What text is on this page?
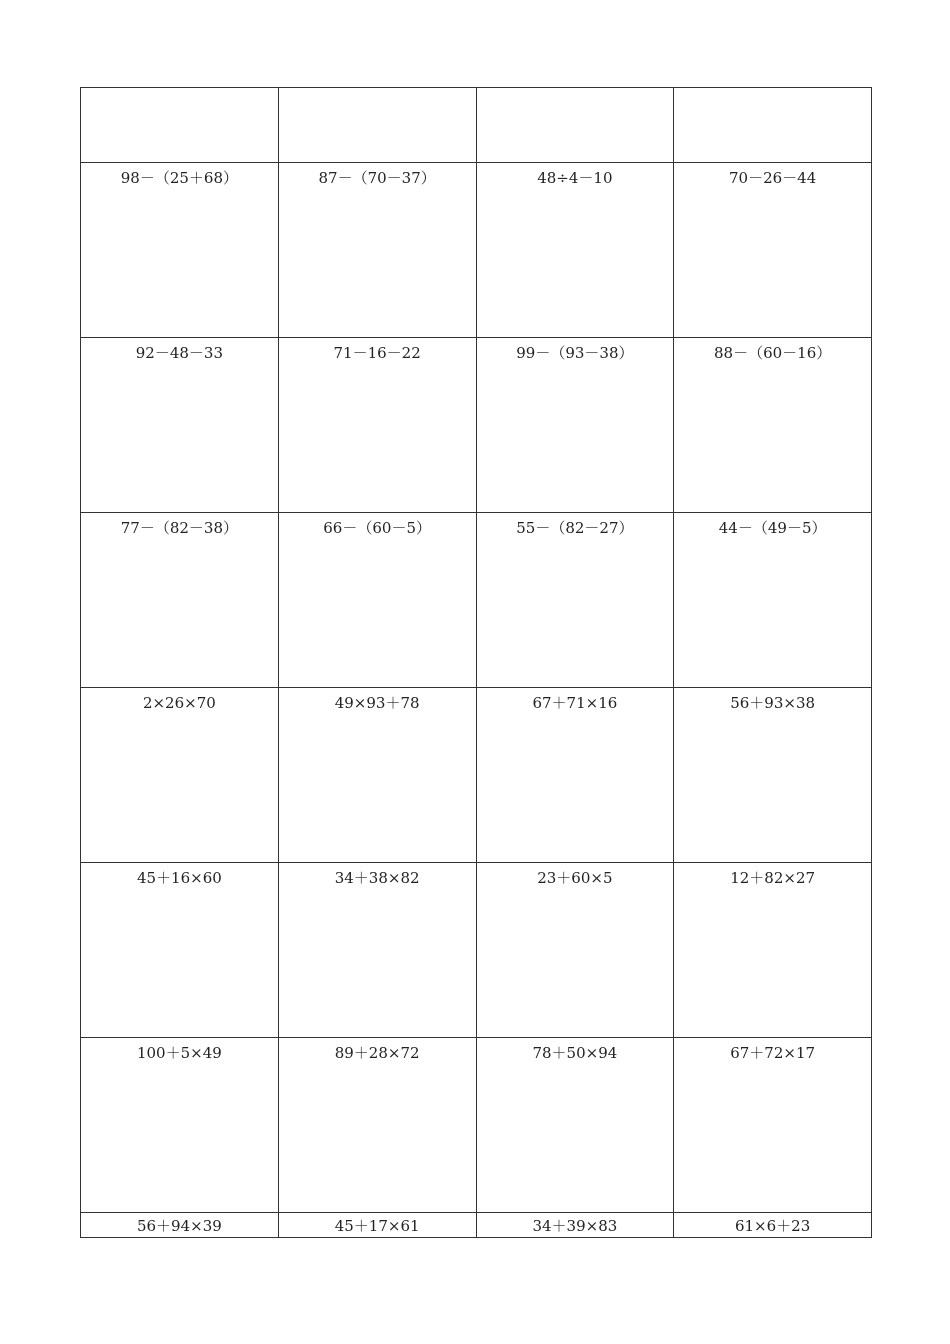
98－（25＋68）	87－（70－37）	48÷4－10	70－26－44

92－48－33	71－16－22	99－（93－38）	88－（60－16）

77－（82－38）	66－（60－5）	55－（82－27）	44－（49－5）

2×26×70	49×93＋78	67＋71×16	56＋93×38

45＋16×60	34＋38×82	23＋60×5	12＋82×27

100＋5×49	89＋28×72	78＋50×94	67＋72×17

56＋94×39	45＋17×61	34＋39×83	61×6＋23
